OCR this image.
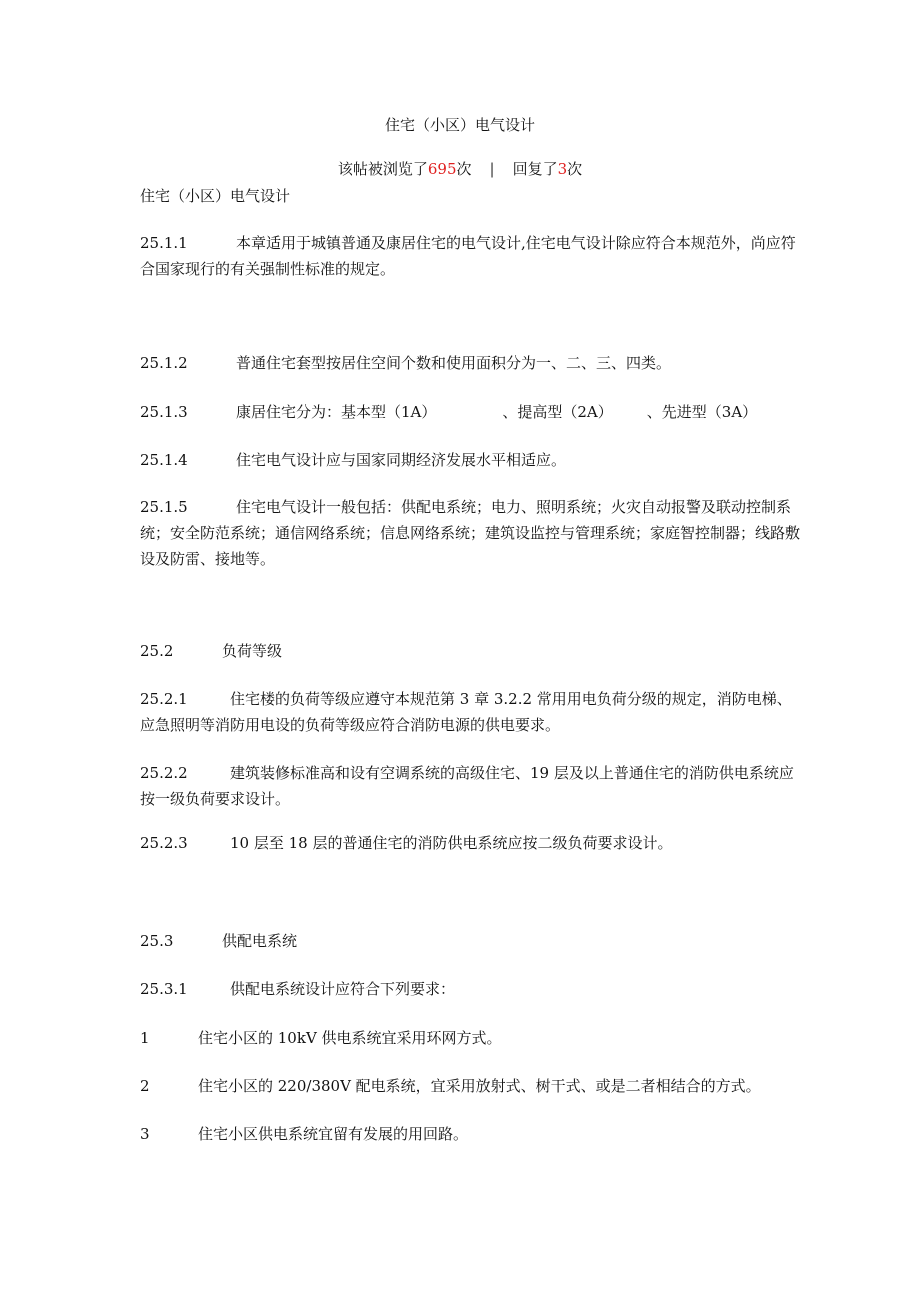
住宅（小区）电气设计
该帖被浏览了695次 | 回复了3次
住宅（小区）电气设计
25.1.1	本章适用于城镇普通及康居住宅的电气设计,住宅电气设计除应符合本规范外，尚应符合国家现行的有关强制性标准的规定。
25.1.2	普通住宅套型按居住空间个数和使用面积分为一、二、三、四类。
25.1.3	康居住宅分为：基本型（1A）	、提高型（2A） 、先进型（3A）
25.1.4	住宅电气设计应与国家同期经济发展水平相适应。
25.1.5	住宅电气设计一般包括：供配电系统；电力、照明系统；火灾自动报警及联动控制系统；安全防范系统；通信网络系统；信息网络系统；建筑设监控与管理系统；家庭智控制器；线路敷设及防雷、接地等。
25.2	负荷等级
25.2.1	住宅楼的负荷等级应遵守本规范第 3 章 3.2.2 常用用电负荷分级的规定，消防电梯、应急照明等消防用电设的负荷等级应符合消防电源的供电要求。
25.2.2	建筑装修标准高和设有空调系统的高级住宅、19 层及以上普通住宅的消防供电系统应按一级负荷要求设计。
25.2.3	10 层至 18 层的普通住宅的消防供电系统应按二级负荷要求设计。
25.3	供配电系统
25.3.1	供配电系统设计应符合下列要求：
1	住宅小区的 10kV 供电系统宜采用环网方式。
2	住宅小区的 220/380V 配电系统，宜采用放射式、树干式、或是二者相结合的方式。
3	住宅小区供电系统宜留有发展的用回路。
